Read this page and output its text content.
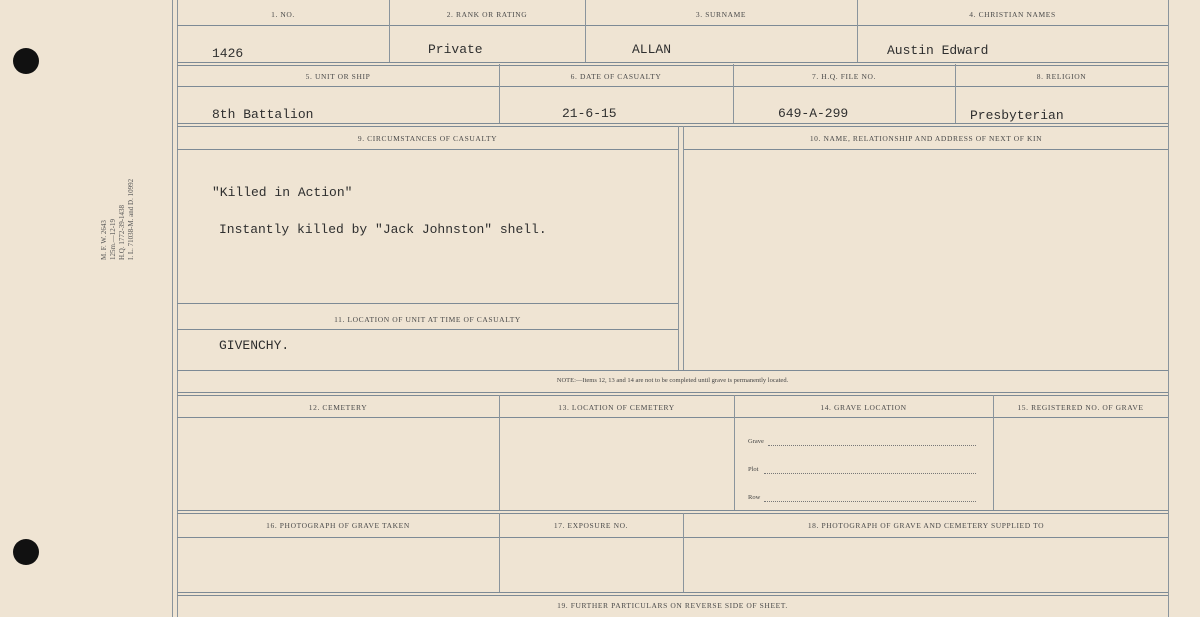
M. F. W. 2643 125m.—12-19 H.Q. 1772-39-1438 I. L. 71038-M. and D. 10992
1. NO.	2. RANK OR RATING	3. SURNAME	4. CHRISTIAN NAMES
1426	Private	ALLAN	Austin Edward
5. UNIT OR SHIP	6. DATE OF CASUALTY	7. H.Q. FILE NO.	8. RELIGION
8th Battalion	21-6-15	649-A-299	Presbyterian
9. CIRCUMSTANCES OF CASUALTY	10. NAME, RELATIONSHIP AND ADDRESS OF NEXT OF KIN
"Killed in Action"
Instantly killed by "Jack Johnston" shell.
11. LOCATION OF UNIT AT TIME OF CASUALTY
GIVENCHY.
NOTE:—Items 12, 13 and 14 are not to be completed until grave is permanently located.
12. CEMETERY	13. LOCATION OF CEMETERY	14. GRAVE LOCATION	15. REGISTERED NO. OF GRAVE
Grave
Plot
Row
16. PHOTOGRAPH OF GRAVE TAKEN	17. EXPOSURE NO.	18. PHOTOGRAPH OF GRAVE AND CEMETERY SUPPLIED TO
19. FURTHER PARTICULARS ON REVERSE SIDE OF SHEET.
